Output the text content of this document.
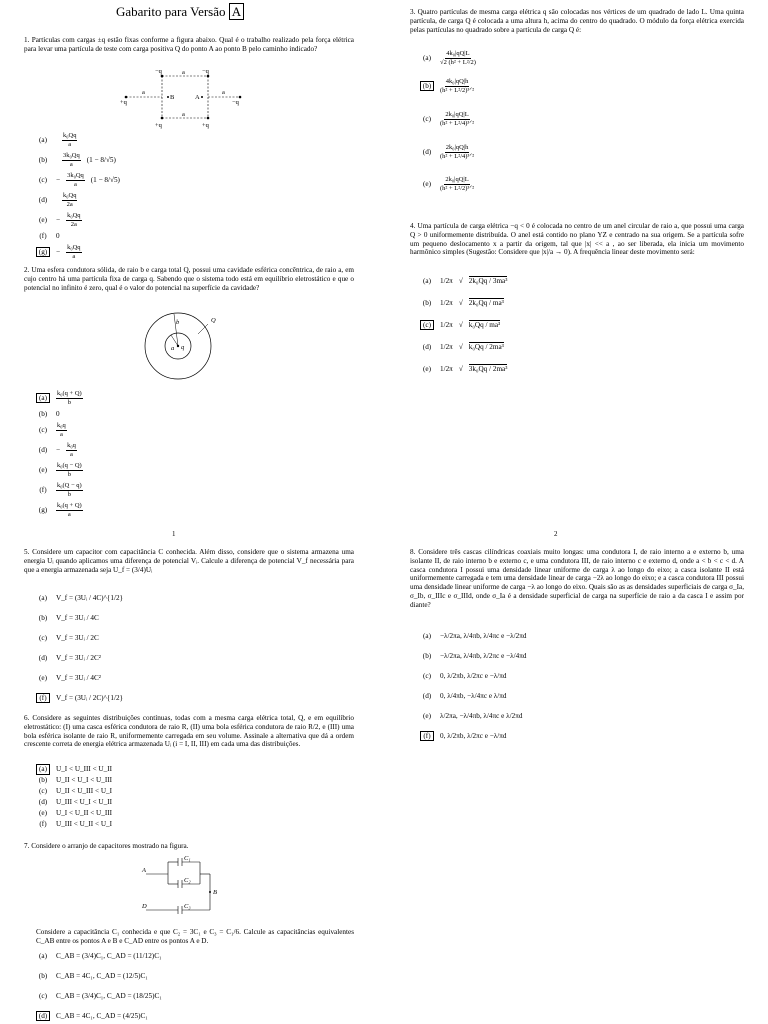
Gabarito para Versão A
1. Partículas com cargas ±q estão fixas conforme a figura abaixo. Qual é o trabalho realizado pela força elétrica para levar uma partícula de teste com carga positiva Q do ponto A ao ponto B pelo caminho indicado?
−q	−q
+q	+q
+q	−q
A
B
a
a
a	a
(a)	$\frac{\text{k₀Qq}}{a}$
(b)	$\frac{\text{3k₀Qq}}{a} (1 - 8/√5)$
(c)	− $\frac{\text{3k₀Qq}}{a} (1 - 8/√5)$
(d)	$\frac{\text{k₀Qq}}{2a}$
(e)	− $\frac{\text{k₀Qq}}{2a}$
(f)	0
(g)	− $\frac{\text{k₀Qq}}{a}$
2. Uma esfera condutora sólida, de raio b e carga total Q, possui uma cavidade esférica concêntrica, de raio a, em cujo centro há uma partícula fixa de carga q. Sabendo que o sistema todo está em equilíbrio eletrostático e que o potencial no infinito é zero, qual é o valor do potencial na superfície da cavidade?
b	Q
a q
(a)	$\frac{\text{k₀(q + Q)}}{b}$
(b)	0
(c)	$\frac{\text{k₀q}}{a}$
(d)	− $\frac{\text{k₀q}}{a}$
(e)	$\frac{\text{k₀(q − Q)}}{b}$
(f)	$\frac{\text{k₀(Q − q)}}{b}$
(g)	$\frac{\text{k₀(q + Q)}}{a}$
1
3. Quatro partículas de mesma carga elétrica q são colocadas nos vértices de um quadrado de lado L. Uma quinta partícula, de carga Q é colocada a uma altura h, acima do centro do quadrado. O módulo da força elétrica exercida pelas partículas no quadrado sobre a partícula de carga Q é:
(a)	$\frac{\text{4k₀|qQ|L}}{\text{√2 (h² + L²/2)}}$
(b)	$\frac{\text{4k₀|qQ|h}}{\text{(h² + L²/2)³ᐟ²}}$
(c)	$\frac{\text{2k₀|qQ|L}}{\text{(h² + L²/4)³ᐟ²}}$
(d)	$\frac{\text{2k₀|qQ|h}}{\text{(h² + L²/4)³ᐟ²}}$
(e)	$\frac{\text{2k₀|qQ|L}}{\text{(h² + L²/2)³ᐟ²}}$
4. Uma partícula de carga elétrica −q < 0 é colocada no centro de um anel circular de raio a, que possui uma carga Q > 0 uniformemente distribuída. O anel está contido no plano YZ e centrado na sua origem. Se a partícula sofre um pequeno deslocamento x a partir da origem, tal que |x| << a , ao ser liberada, ela inicia um movimento harmônico simples (Sugestão: Considere que |x|/a → 0). A frequência linear deste movimento será:
(a)	1/2π √ 2k₀Qq / 3ma³
(b)	1/2π √ 2k₀Qq / ma³
(c)	1/2π √ k₀Qq / ma³
(d)	1/2π √ k₀Qq / 2ma³
(e)	1/2π √ 3k₀Qq / 2ma³
2
5. Considere um capacitor com capacitância C conhecida. Além disso, considere que o sistema armazena uma energia Uᵢ quando aplicamos uma diferença de potencial Vᵢ. Calcule a diferença de potencial V_f necessária para que a energia armazenada seja U_f = (3/4)Uᵢ
(a)	V_f = (3Uᵢ / 4C)^{1/2}
(b)	V_f = 3Uᵢ / 4C
(c)	V_f = 3Uᵢ / 2C
(d)	V_f = 3Uᵢ / 2C²
(e)	V_f = 3Uᵢ / 4C²
(f)	V_f = (3Uᵢ / 2C)^{1/2}
6. Considere as seguintes distribuições contínuas, todas com a mesma carga elétrica total, Q, e em equilíbrio eletrostático: (I) uma casca esférica condutora de raio R, (II) uma bola esférica condutora de raio R/2, e (III) uma bola esférica isolante de raio R, uniformemente carregada em seu volume. Assinale a alternativa que dá a ordem crescente correta de energia elétrica armazenada Uᵢ (i = I, II, III) em cada uma das distribuições.
(a)	U_I < U_III < U_II
(b)	U_II < U_I < U_III
(c)	U_II < U_III < U_I
(d)	U_III < U_I < U_II
(e)	U_I < U_II < U_III
(f)	U_III < U_II < U_I
7. Considere o arranjo de capacitores mostrado na figura.
A
B
D
C₁
C₂
C₃
Considere a capacitância C₁ conhecida e que C₂ = 3C₁ e C₃ = C₁/6. Calcule as capacitâncias equivalentes C_AB entre os pontos A e B e C_AD entre os pontos A e D.
(a)	C_AB = (3/4)C₁, C_AD = (11/12)C₁
(b)	C_AB = 4C₁, C_AD = (12/5)C₁
(c)	C_AB = (3/4)C₁, C_AD = (18/25)C₁
(d)	C_AB = 4C₁, C_AD = (4/25)C₁
8. Considere três cascas cilíndricas coaxiais muito longas: uma condutora I, de raio interno a e externo b, uma isolante II, de raio interno b e externo c, e uma condutora III, de raio interno c e externo d, onde a < b < c < d. A casca condutora I possui uma densidade linear uniforme de carga λ ao longo do eixo; a casca isolante II está uniformemente carregada e tem uma densidade linear de carga −2λ ao longo do eixo; e a casca condutora III possui uma densidade linear uniforme de carga −λ ao longo do eixo. Quais são as as densidades superficiais de carga σ_Ia, σ_Ib, σ_IIIc e σ_IIId, onde σ_Ia é a densidade superficial de carga na superfície de raio a da casca I e assim por diante?
(a)	−λ/2πa, λ/4πb, λ/4πc e −λ/2πd
(b)	−λ/2πa, λ/4πb, λ/2πc e −λ/4πd
(c)	0, λ/2πb, λ/2πc e −λ/πd
(d)	0, λ/4πb, −λ/4πc e λ/πd
(e)	λ/2πa, −λ/4πb, λ/4πc e λ/2πd
(f)	0, λ/2πb, λ/2πc e −λ/πd
